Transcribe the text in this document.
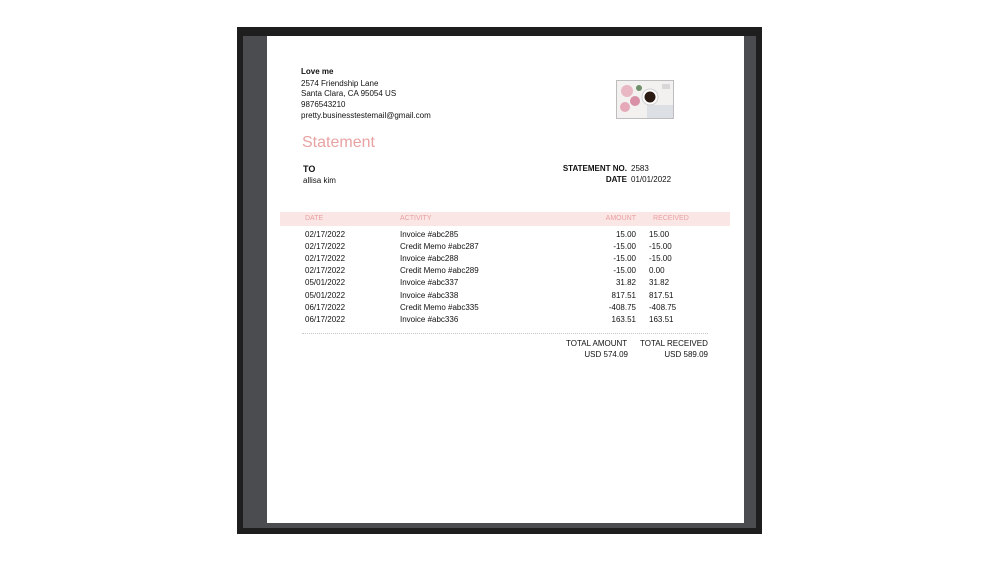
Love me
2574 Friendship Lane
Santa Clara, CA 95054 US
9876543210
pretty.businesstestemail@gmail.com
Statement
TO
allisa kim
STATEMENT NO. 2583
DATE 01/01/2022
DATE	ACTIVITY	AMOUNT RECEIVED
02/17/2022	Invoice #abc285	15.00 15.00
02/17/2022	Credit Memo #abc287	-15.00 -15.00
02/17/2022	Invoice #abc288	-15.00 -15.00
02/17/2022	Credit Memo #abc289	-15.00 0.00
05/01/2022	Invoice #abc337	31.82 31.82
05/01/2022	Invoice #abc338	817.51 817.51
06/17/2022	Credit Memo #abc335	-408.75 -408.75
06/17/2022	Invoice #abc336	163.51 163.51
TOTAL AMOUNT
USD 574.09
TOTAL RECEIVED
USD 589.09
